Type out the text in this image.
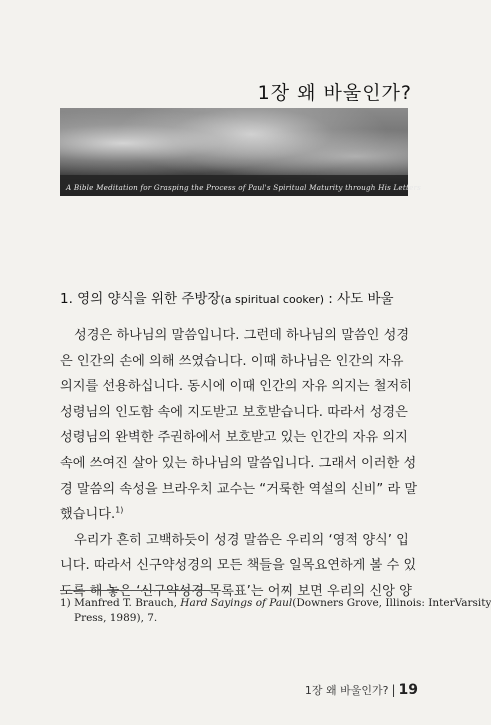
1장 왜 바울인가?
A Bible Meditation for Grasping the Process of Paul's Spiritual Maturity through His Letters
1. 영의 양식을 위한 주방장(a spiritual cooker) : 사도 바울

성경은 하나님의 말씀입니다. 그런데 하나님의 말씀인 성경
은 인간의 손에 의해 쓰였습니다. 이때 하나님은 인간의 자유
의지를 선용하십니다. 동시에 이때 인간의 자유 의지는 철저히
성령님의 인도함 속에 지도받고 보호받습니다. 따라서 성경은
성령님의 완벽한 주권하에서 보호받고 있는 인간의 자유 의지
속에 쓰여진 살아 있는 하나님의 말씀입니다. 그래서 이러한 성
경 말씀의 속성을 브라우치 교수는 “거룩한 역설의 신비” 라 말
했습니다.$^{1)}$

우리가 흔히 고백하듯이 성경 말씀은 우리의 ‘영적 양식’ 입
니다. 따라서 신구약성경의 모든 책들을 일목요연하게 볼 수 있
도록 해 놓은 ‘신구약성경 목록표’는 어찌 보면 우리의 신앙 양

1) Manfred T. Brauch, Hard Sayings of Paul(Downers Grove, Illinois: InterVarsity
Press, 1989), 7.
1장 왜 바울인가? | 19
